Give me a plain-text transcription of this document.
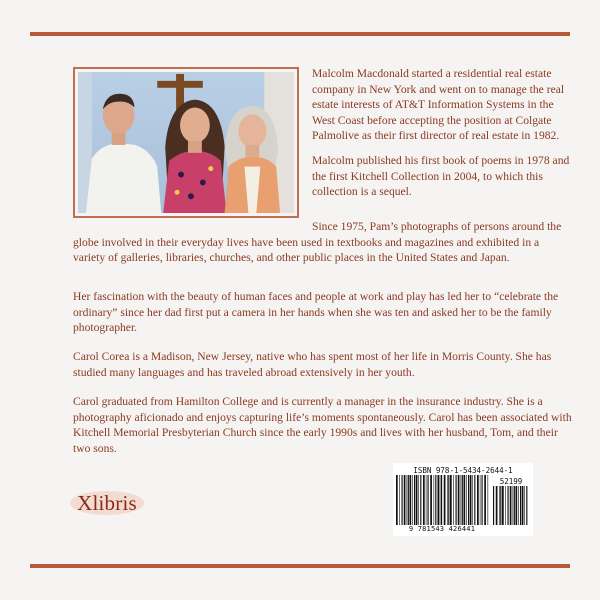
Malcolm Macdonald started a residential real estate company in New York and went on to manage the real estate interests of AT&T Information Systems in the West Coast before accepting the position at Colgate Palmolive as their first director of real estate in 1982.

Malcolm published his first book of poems in 1978 and the first Kitchell Collection in 2004, to which this collection is a sequel.

Since 1975, Pam’s photographs of persons around the globe involved in their everyday lives have been used in textbooks and magazines and exhibited in a variety of galleries, libraries, churches, and other public places in the United States and Japan.

Her fascination with the beauty of human faces and people at work and play has led her to “celebrate the ordinary” since her dad first put a camera in her hands when she was ten and asked her to be the family photographer.

Carol Corea is a Madison, New Jersey, native who has spent most of her life in Morris County. She has studied many languages and has traveled abroad extensively in her youth.

Carol graduated from Hamilton College and is currently a manager in the insurance industry. She is a photography aficionado and enjoys capturing life’s moments spontaneously. Carol has been associated with Kitchell Memorial Presbyterian Church since the early 1990s and lives with her husband, Tom, and their two sons.

Xlibris
ISBN 978-1-5434-2644-1
52199
9 781543 426441
